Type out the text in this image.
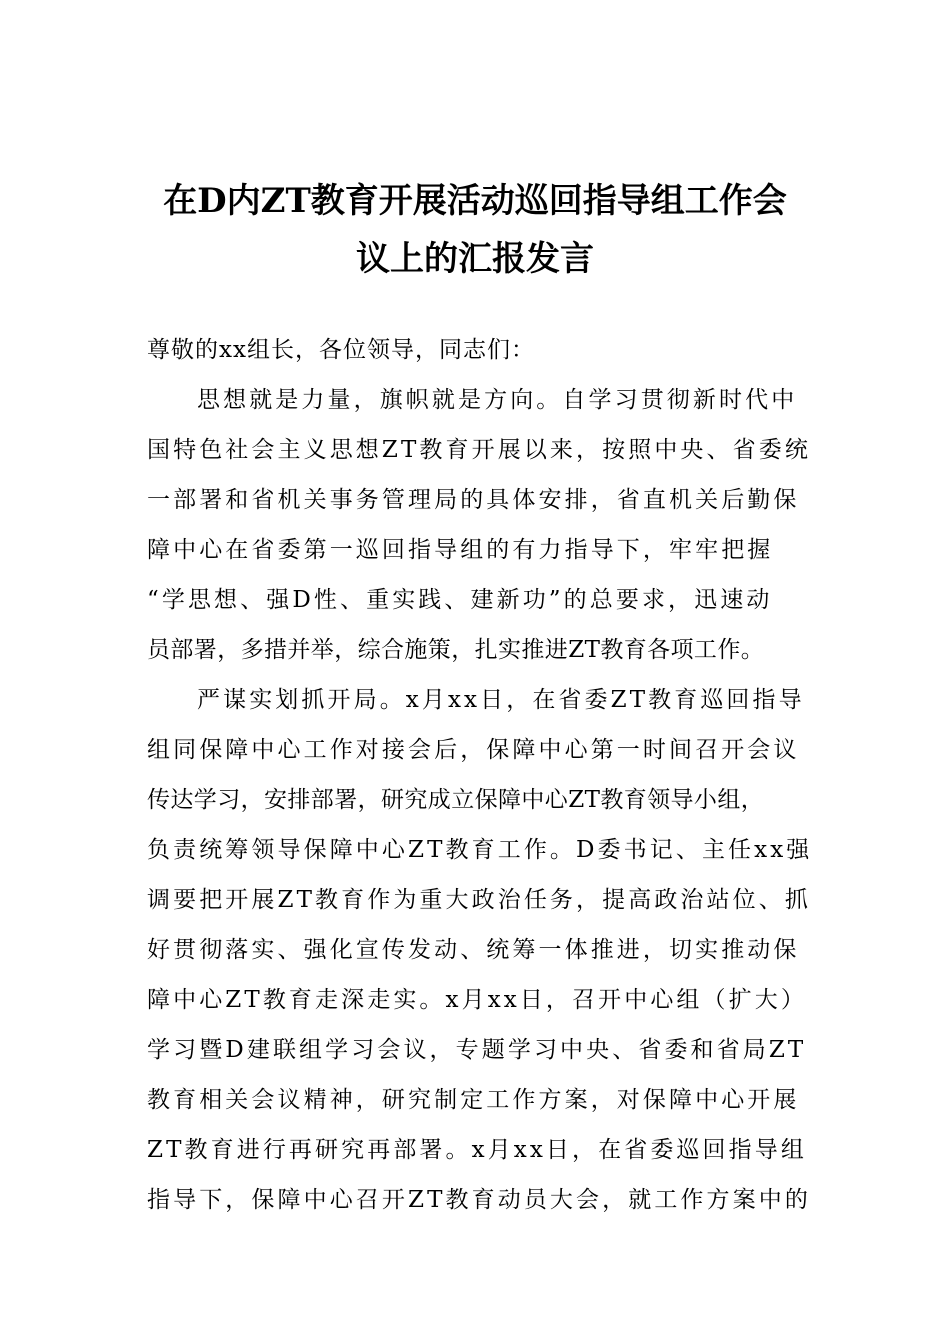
在D内ZT教育开展活动巡回指导组工作会
议上的汇报发言
尊敬的xx组长，各位领导，同志们：
思想就是力量，旗帜就是方向。自学习贯彻新时代中
国特色社会主义思想ZT教育开展以来，按照中央、省委统
一部署和省机关事务管理局的具体安排，省直机关后勤保
障中心在省委第一巡回指导组的有力指导下，牢牢把握
“学思想、强D性、重实践、建新功”的总要求，迅速动
员部署，多措并举，综合施策，扎实推进ZT教育各项工作。
严谋实划抓开局。x月xx日，在省委ZT教育巡回指导
组同保障中心工作对接会后，保障中心第一时间召开会议
传达学习，安排部署，研究成立保障中心ZT教育领导小组，
负责统筹领导保障中心ZT教育工作。D委书记、主任xx强
调要把开展ZT教育作为重大政治任务，提高政治站位、抓
好贯彻落实、强化宣传发动、统筹一体推进，切实推动保
障中心ZT教育走深走实。x月xx日，召开中心组（扩大）
学习暨D建联组学习会议，专题学习中央、省委和省局ZT
教育相关会议精神，研究制定工作方案，对保障中心开展
ZT教育进行再研究再部署。x月xx日，在省委巡回指导组
指导下，保障中心召开ZT教育动员大会，就工作方案中的
